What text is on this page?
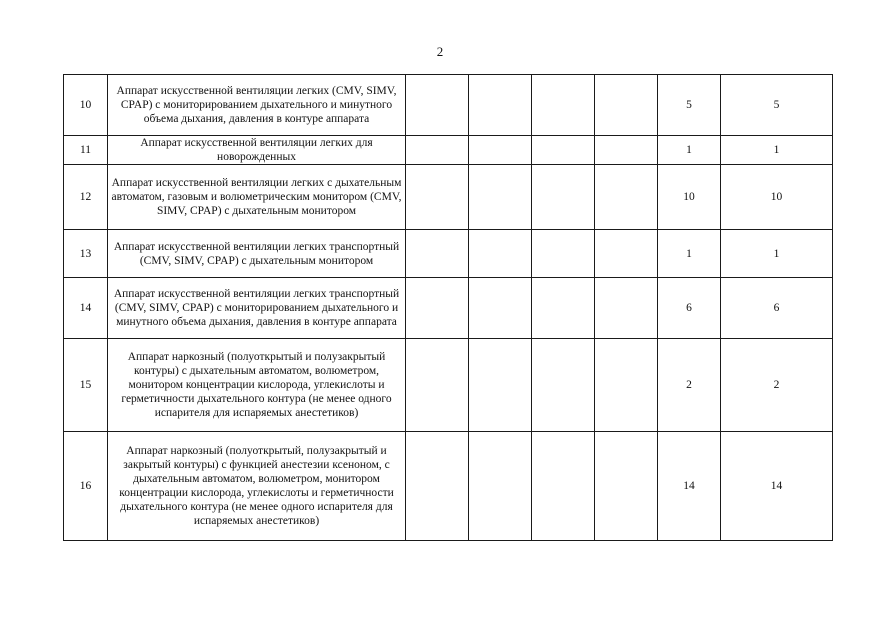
2
10	Аппарат искусственной вентиляции легких (CMV, SIMV, CPAP) с мониторированием дыхательного и минутного объема дыхания, давления в контуре аппарата					5	5
11	Аппарат искусственной вентиляции легких для новорожденных					1	1
12	Аппарат искусственной вентиляции легких с дыхательным автоматом, газовым и волюметрическим монитором (CMV, SIMV, CPAP) с дыхательным монитором					10	10
13	Аппарат искусственной вентиляции легких транспортный (CMV, SIMV, CPAP) с дыхательным монитором					1	1
14	Аппарат искусственной вентиляции легких транспортный (CMV, SIMV, CPAP) с мониторированием дыхательного и минутного объема дыхания, давления в контуре аппарата					6	6
15	Аппарат наркозный (полуоткрытый и полузакрытый контуры) с дыхательным автоматом, волюметром, монитором концентрации кислорода, углекислоты и герметичности дыхательного контура (не менее одного испарителя для испаряемых анестетиков)					2	2
16	Аппарат наркозный (полуоткрытый, полузакрытый и закрытый контуры) с функцией анестезии ксеноном, с дыхательным автоматом, волюметром, монитором концентрации кислорода, углекислоты и герметичности дыхательного контура (не менее одного испарителя для испаряемых анестетиков)					14	14
